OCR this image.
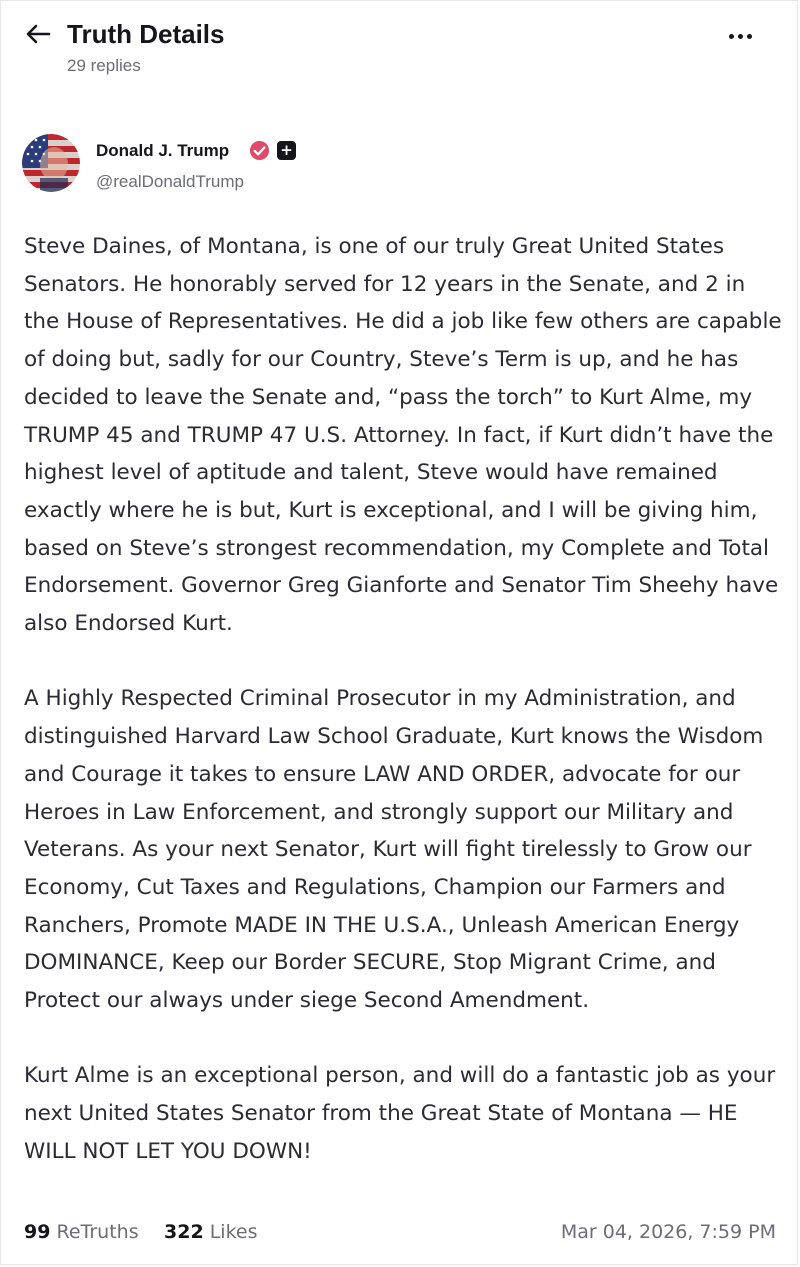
Truth Details
29 replies
Donald J. Trump	+
@realDonaldTrump

Steve Daines, of Montana, is one of our truly Great United States Senators. He honorably served for 12 years in the Senate, and 2 in the House of Representatives. He did a job like few others are capable of doing but, sadly for our Country, Steve’s Term is up, and he has decided to leave the Senate and, “pass the torch” to Kurt Alme, my TRUMP 45 and TRUMP 47 U.S. Attorney. In fact, if Kurt didn’t have the highest level of aptitude and talent, Steve would have remained exactly where he is but, Kurt is exceptional, and I will be giving him, based on Steve’s strongest recommendation, my Complete and Total Endorsement. Governor Greg Gianforte and Senator Tim Sheehy have also Endorsed Kurt.

A Highly Respected Criminal Prosecutor in my Administration, and distinguished Harvard Law School Graduate, Kurt knows the Wisdom and Courage it takes to ensure LAW AND ORDER, advocate for our Heroes in Law Enforcement, and strongly support our Military and Veterans. As your next Senator, Kurt will fight tirelessly to Grow our Economy, Cut Taxes and Regulations, Champion our Farmers and Ranchers, Promote MADE IN THE U.S.A., Unleash American Energy DOMINANCE, Keep our Border SECURE, Stop Migrant Crime, and Protect our always under siege Second Amendment.

Kurt Alme is an exceptional person, and will do a fantastic job as your next United States Senator from the Great State of Montana — HE WILL NOT LET YOU DOWN!

99 ReTruths 322 Likes	Mar 04, 2026, 7:59 PM
